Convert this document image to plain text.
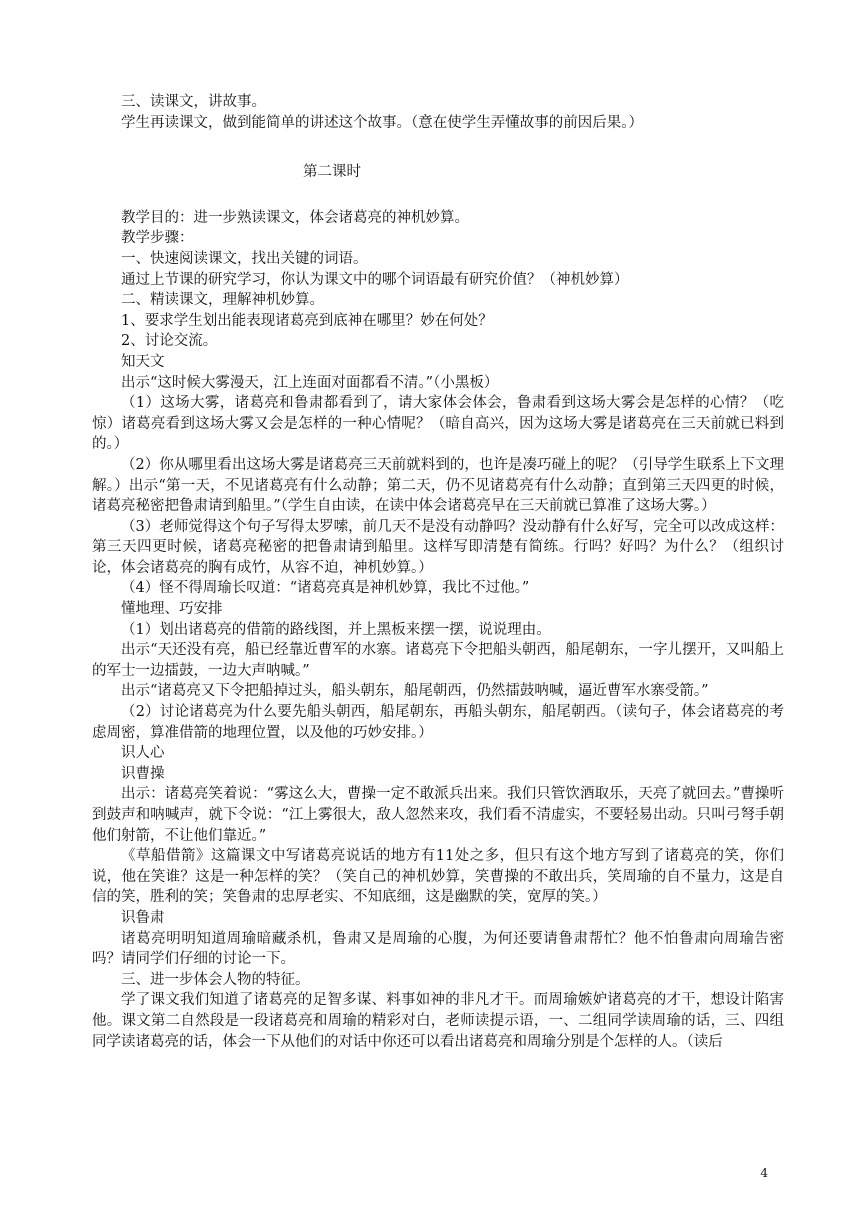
三、读课文，讲故事。

学生再读课文，做到能简单的讲述这个故事。（意在使学生弄懂故事的前因后果。）

第二课时

教学目的：进一步熟读课文，体会诸葛亮的神机妙算。

教学步骤：

一、快速阅读课文，找出关键的词语。

通过上节课的研究学习，你认为课文中的哪个词语最有研究价值？（神机妙算）

二、精读课文，理解神机妙算。

1、要求学生划出能表现诸葛亮到底神在哪里？妙在何处？

2、讨论交流。

知天文

出示“这时候大雾漫天，江上连面对面都看不清。”（小黑板）

（1）这场大雾，诸葛亮和鲁肃都看到了，请大家体会体会，鲁肃看到这场大雾会是怎样的心情？（吃惊）诸葛亮看到这场大雾又会是怎样的一种心情呢？（暗自高兴，因为这场大雾是诸葛亮在三天前就已料到的。）

（2）你从哪里看出这场大雾是诸葛亮三天前就料到的，也许是凑巧碰上的呢？（引导学生联系上下文理解。）出示“第一天，不见诸葛亮有什么动静；第二天，仍不见诸葛亮有什么动静；直到第三天四更的时候，诸葛亮秘密把鲁肃请到船里。”（学生自由读，在读中体会诸葛亮早在三天前就已算准了这场大雾。）

（3）老师觉得这个句子写得太罗嗦，前几天不是没有动静吗？没动静有什么好写，完全可以改成这样：第三天四更时候，诸葛亮秘密的把鲁肃请到船里。这样写即清楚有简练。行吗？好吗？为什么？（组织讨论，体会诸葛亮的胸有成竹，从容不迫，神机妙算。）

（4）怪不得周瑜长叹道：“诸葛亮真是神机妙算，我比不过他。”

懂地理、巧安排

（1）划出诸葛亮的借箭的路线图，并上黑板来摆一摆，说说理由。

出示“天还没有亮，船已经靠近曹军的水寨。诸葛亮下令把船头朝西，船尾朝东，一字儿摆开，又叫船上的军士一边擂鼓，一边大声呐喊。”

出示“诸葛亮又下令把船掉过头，船头朝东，船尾朝西，仍然擂鼓呐喊，逼近曹军水寨受箭。”

（2）讨论诸葛亮为什么要先船头朝西，船尾朝东，再船头朝东，船尾朝西。（读句子，体会诸葛亮的考虑周密，算准借箭的地理位置，以及他的巧妙安排。）

识人心

识曹操

出示：诸葛亮笑着说：“雾这么大，曹操一定不敢派兵出来。我们只管饮酒取乐，天亮了就回去。”曹操听到鼓声和呐喊声，就下令说：“江上雾很大，敌人忽然来攻，我们看不清虚实，不要轻易出动。只叫弓弩手朝他们射箭，不让他们靠近。”

《草船借箭》这篇课文中写诸葛亮说话的地方有11处之多，但只有这个地方写到了诸葛亮的笑，你们说，他在笑谁？这是一种怎样的笑？（笑自己的神机妙算，笑曹操的不敢出兵，笑周瑜的自不量力，这是自信的笑，胜利的笑；笑鲁肃的忠厚老实、不知底细，这是幽默的笑，宽厚的笑。）

识鲁肃

诸葛亮明明知道周瑜暗藏杀机，鲁肃又是周瑜的心腹，为何还要请鲁肃帮忙？他不怕鲁肃向周瑜告密吗？请同学们仔细的讨论一下。

三、进一步体会人物的特征。

学了课文我们知道了诸葛亮的足智多谋、料事如神的非凡才干。而周瑜嫉妒诸葛亮的才干，想设计陷害他。课文第二自然段是一段诸葛亮和周瑜的精彩对白，老师读提示语，一、二组同学读周瑜的话，三、四组同学读诸葛亮的话，体会一下从他们的对话中你还可以看出诸葛亮和周瑜分别是个怎样的人。（读后

4
